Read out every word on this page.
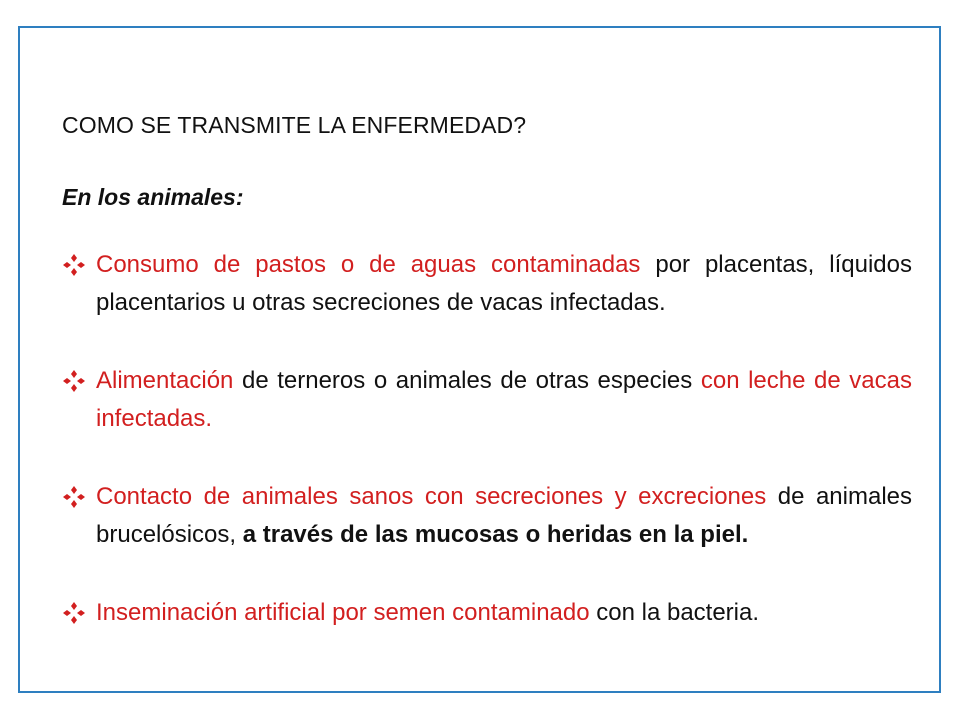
COMO SE TRANSMITE LA ENFERMEDAD?
En los animales:
Consumo de pastos o de aguas contaminadas por placentas, líquidos placentarios u otras secreciones de vacas infectadas.
Alimentación de terneros o animales de otras especies con leche de vacas infectadas.
Contacto de animales sanos con secreciones y excreciones de animales brucelósicos, a través de las mucosas o heridas en la piel.
Inseminación artificial por semen contaminado con la bacteria.
